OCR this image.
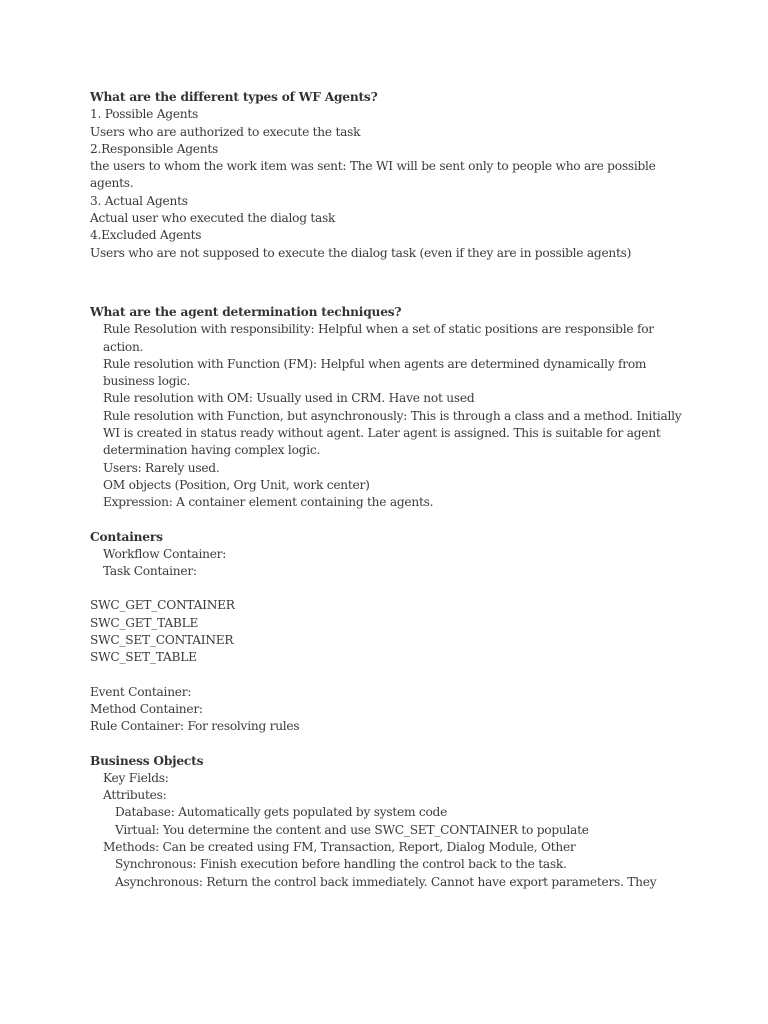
What are the different types of WF Agents?
1. Possible Agents
Users who are authorized to execute the task
2.Responsible Agents
the users to whom the work item was sent: The WI will be sent only to people who are possible agents.
3. Actual Agents
Actual user who executed the dialog task
4.Excluded Agents
Users who are not supposed to execute the dialog task (even if they are in possible agents)
What are the agent determination techniques?
Rule Resolution with responsibility: Helpful when a set of static positions are responsible for action.
Rule resolution with Function (FM): Helpful when agents are determined dynamically from business logic.
Rule resolution with OM: Usually used in CRM. Have not used
Rule resolution with Function, but asynchronously: This is through a class and a method. Initially WI is created in status ready without agent. Later agent is assigned. This is suitable for agent determination having complex logic.
Users: Rarely used.
OM objects (Position, Org Unit, work center)
Expression: A container element containing the agents.
Containers
Workflow Container:
Task Container:
SWC_GET_CONTAINER
SWC_GET_TABLE
SWC_SET_CONTAINER
SWC_SET_TABLE
Event Container:
Method Container:
Rule Container: For resolving rules
Business Objects
Key Fields:
Attributes:
Database: Automatically gets populated by system code
Virtual: You determine the content and use SWC_SET_CONTAINER to populate
Methods: Can be created using FM, Transaction, Report, Dialog Module, Other
Synchronous: Finish execution before handling the control back to the task.
Asynchronous: Return the control back immediately. Cannot have export parameters. They
